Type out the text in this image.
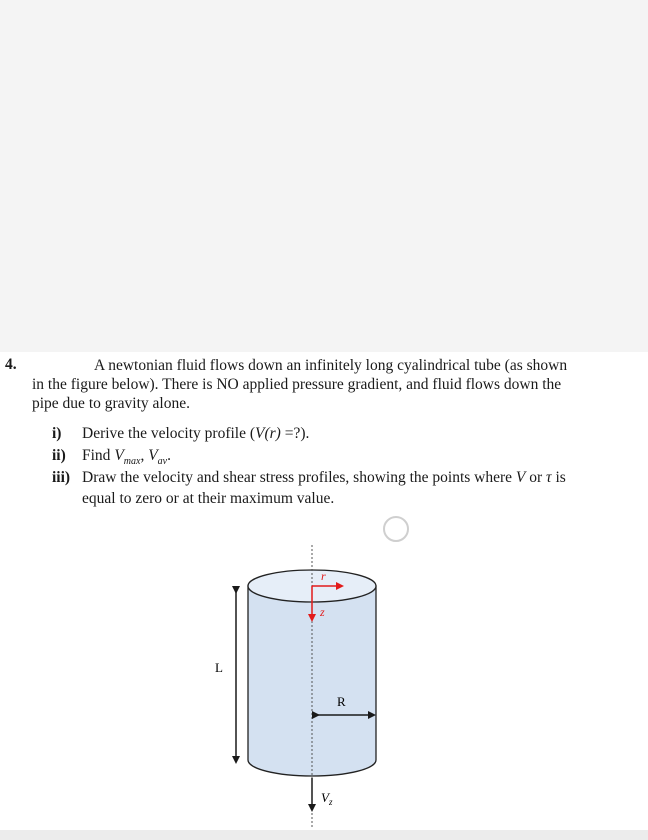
4.	A newtonian fluid flows down an infinitely long cyalindrical tube (as shown
in the figure below). There is NO applied pressure gradient, and fluid flows down the
pipe due to gravity alone.
i) Derive the velocity profile (V(r) =?).
ii) Find $V_{max}$, $V_{av}$.
iii) Draw the velocity and shear stress profiles, showing the points where V or τ is
equal to zero or at their maximum value.
r
z
L
R
$V_z$
